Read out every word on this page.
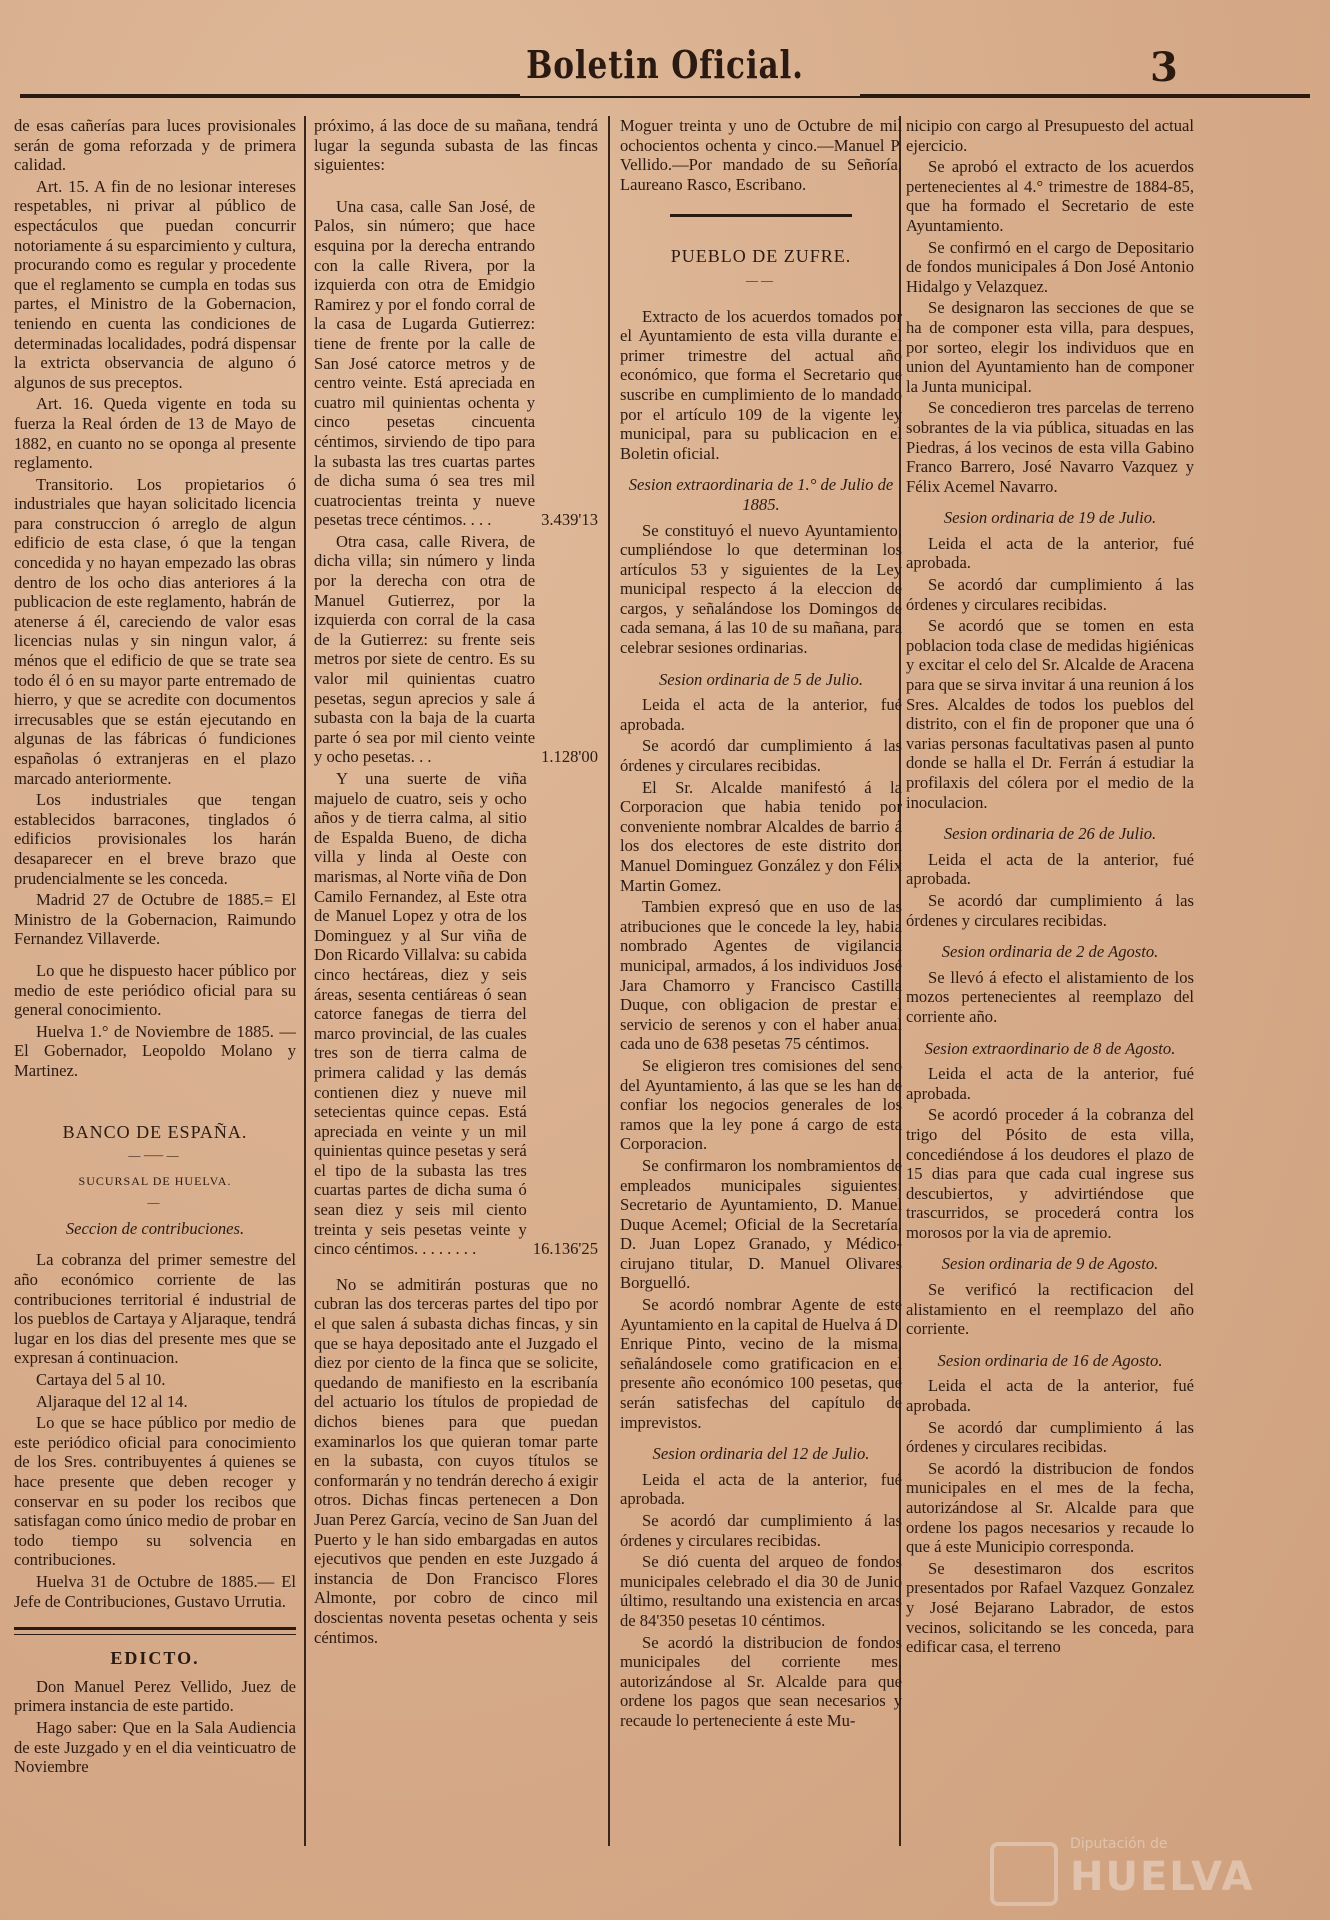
Boletin Oficial.	3

de esas cañerías para luces provisionales serán de goma reforzada y de primera calidad.

Art. 15. A fin de no lesionar intereses respetables, ni privar al público de espectáculos que puedan concurrir notoriamente á su esparcimiento y cultura, procurando como es regular y procedente que el reglamento se cumpla en todas sus partes, el Ministro de la Gobernacion, teniendo en cuenta las condiciones de determinadas localidades, podrá dispensar la extricta observancia de alguno ó algunos de sus preceptos.

Art. 16. Queda vigente en toda su fuerza la Real órden de 13 de Mayo de 1882, en cuanto no se oponga al presente reglamento.

Transitorio. Los propietarios ó industriales que hayan solicitado licencia para construccion ó arreglo de algun edificio de esta clase, ó que la tengan concedida y no hayan empezado las obras dentro de los ocho dias anteriores á la publicacion de este reglamento, habrán de atenerse á él, careciendo de valor esas licencias nulas y sin ningun valor, á ménos que el edificio de que se trate sea todo él ó en su mayor parte entremado de hierro, y que se acredite con documentos irrecusables que se están ejecutando en algunas de las fábricas ó fundiciones españolas ó extranjeras en el plazo marcado anteriormente.

Los industriales que tengan establecidos barracones, tinglados ó edificios provisionales los harán desaparecer en el breve brazo que prudencialmente se les conceda.

Madrid 27 de Octubre de 1885.= El Ministro de la Gobernacion, Raimundo Fernandez Villaverde.

Lo que he dispuesto hacer público por medio de este periódico oficial para su general conocimiento.

Huelva 1.° de Noviembre de 1885. —El Gobernador, Leopoldo Molano y Martinez.

BANCO DE ESPAÑA.

—⸺—

SUCURSAL DE HUELVA.

—

Seccion de contribuciones.

La cobranza del primer semestre del año económico corriente de las contribuciones territorial é industrial de los pueblos de Cartaya y Aljaraque, tendrá lugar en los dias del presente mes que se expresan á continuacion.

Cartaya del 5 al 10.

Aljaraque del 12 al 14.

Lo que se hace público por medio de este periódico oficial para conocimiento de los Sres. contribuyentes á quienes se hace presente que deben recoger y conservar en su poder los recibos que satisfagan como único medio de probar en todo tiempo su solvencia en contribuciones.

Huelva 31 de Octubre de 1885.— El Jefe de Contribuciones, Gustavo Urrutia.

EDICTO.

Don Manuel Perez Vellido, Juez de primera instancia de este partido.

Hago saber: Que en la Sala Audiencia de este Juzgado y en el dia veinticuatro de Noviembre

próximo, á las doce de su mañana, tendrá lugar la segunda subasta de las fincas siguientes:

Una casa, calle San José, de Palos, sin número; que hace esquina por la derecha entrando con la calle Rivera, por la izquierda con otra de Emidgio Ramirez y por el fondo corral de la casa de Lugarda Gutierrez: tiene de frente por la calle de San José catorce metros y de centro veinte. Está apreciada en cuatro mil quinientas ochenta y cinco pesetas cincuenta céntimos, sirviendo de tipo para la subasta las tres cuartas partes de dicha suma ó sea tres mil cuatrocientas treinta y nueve pesetas trece céntimos. . . .	3.439'13

Otra casa, calle Rivera, de dicha villa; sin número y linda por la derecha con otra de Manuel Gutierrez, por la izquierda con corral de la casa de la Gutierrez: su frente seis metros por siete de centro. Es su valor mil quinientas cuatro pesetas, segun aprecios y sale á subasta con la baja de la cuarta parte ó sea por mil ciento veinte y ocho pesetas. . .	1.128'00

Y una suerte de viña majuelo de cuatro, seis y ocho años y de tierra calma, al sitio de Espalda Bueno, de dicha villa y linda al Oeste con marismas, al Norte viña de Don Camilo Fernandez, al Este otra de Manuel Lopez y otra de los Dominguez y al Sur viña de Don Ricardo Villalva: su cabida cinco hectáreas, diez y seis áreas, sesenta centiáreas ó sean catorce fanegas de tierra del marco provincial, de las cuales tres son de tierra calma de primera calidad y las demás contienen diez y nueve mil setecientas quince cepas. Está apreciada en veinte y un mil quinientas quince pesetas y será el tipo de la subasta las tres cuartas partes de dicha suma ó sean diez y seis mil ciento treinta y seis pesetas veinte y cinco céntimos. . . . . . . .	16.136'25

No se admitirán posturas que no cubran las dos terceras partes del tipo por el que salen á subasta dichas fincas, y sin que se haya depositado ante el Juzgado el diez por ciento de la finca que se solicite, quedando de manifiesto en la escribanía del actuario los títulos de propiedad de dichos bienes para que puedan examinarlos los que quieran tomar parte en la subasta, con cuyos títulos se conformarán y no tendrán derecho á exigir otros. Dichas fincas pertenecen a Don Juan Perez García, vecino de San Juan del Puerto y le han sido embargadas en autos ejecutivos que penden en este Juzgado á instancia de Don Francisco Flores Almonte, por cobro de cinco mil doscientas noventa pesetas ochenta y seis céntimos.

Moguer treinta y uno de Octubre de mil ochocientos ochenta y cinco.—Manuel P. Vellido.—Por mandado de su Señoría, Laureano Rasco, Escribano.

PUEBLO DE ZUFRE.

——

Extracto de los acuerdos tomados por el Ayuntamiento de esta villa durante el primer trimestre del actual año económico, que forma el Secretario que suscribe en cumplimiento de lo mandado por el artículo 109 de la vigente ley municipal, para su publicacion en el Boletin oficial.

Sesion extraordinaria de 1.° de Julio de 1885.

Se constituyó el nuevo Ayuntamiento, cumpliéndose lo que determinan los artículos 53 y siguientes de la Ley municipal respecto á la eleccion de cargos, y señalándose los Domingos de cada semana, á las 10 de su mañana, para celebrar sesiones ordinarias.

Sesion ordinaria de 5 de Julio.

Leida el acta de la anterior, fué aprobada.

Se acordó dar cumplimiento á las órdenes y circulares recibidas.

El Sr. Alcalde manifestó á la Corporacion que habia tenido por conveniente nombrar Alcaldes de barrio á los dos electores de este distrito don Manuel Dominguez González y don Félix Martin Gomez.

Tambien expresó que en uso de las atribuciones que le concede la ley, habia nombrado Agentes de vigilancia municipal, armados, á los individuos José Jara Chamorro y Francisco Castilla Duque, con obligacion de prestar el servicio de serenos y con el haber anual cada uno de 638 pesetas 75 céntimos.

Se eligieron tres comisiones del seno del Ayuntamiento, á las que se les han de confiar los negocios generales de los ramos que la ley pone á cargo de esta Corporacion.

Se confirmaron los nombramientos de empleados municipales siguientes: Secretario de Ayuntamiento, D. Manuel Duque Acemel; Oficial de la Secretaría, D. Juan Lopez Granado, y Médico-cirujano titular, D. Manuel Olivares Borguelló.

Se acordó nombrar Agente de este Ayuntamiento en la capital de Huelva á D. Enrique Pinto, vecino de la misma, señalándosele como gratificacion en el presente año económico 100 pesetas, que serán satisfechas del capítulo de imprevistos.

Sesion ordinaria del 12 de Julio.

Leida el acta de la anterior, fué aprobada.

Se acordó dar cumplimiento á las órdenes y circulares recibidas.

Se dió cuenta del arqueo de fondos municipales celebrado el dia 30 de Junio último, resultando una existencia en arcas de 84'350 pesetas 10 céntimos.

Se acordó la distribucion de fondos municipales del corriente mes, autorizándose al Sr. Alcalde para que ordene los pagos que sean necesarios y recaude lo perteneciente á este Mu-

nicipio con cargo al Presupuesto del actual ejercicio.

Se aprobó el extracto de los acuerdos pertenecientes al 4.° trimestre de 1884-85, que ha formado el Secretario de este Ayuntamiento.

Se confirmó en el cargo de Depositario de fondos municipales á Don José Antonio Hidalgo y Velazquez.

Se designaron las secciones de que se ha de componer esta villa, para despues, por sorteo, elegir los individuos que en union del Ayuntamiento han de componer la Junta municipal.

Se concedieron tres parcelas de terreno sobrantes de la via pública, situadas en las Piedras, á los vecinos de esta villa Gabino Franco Barrero, José Navarro Vazquez y Félix Acemel Navarro.

Sesion ordinaria de 19 de Julio.

Leida el acta de la anterior, fué aprobada.

Se acordó dar cumplimiento á las órdenes y circulares recibidas.

Se acordó que se tomen en esta poblacion toda clase de medidas higiénicas y excitar el celo del Sr. Alcalde de Aracena para que se sirva invitar á una reunion á los Sres. Alcaldes de todos los pueblos del distrito, con el fin de proponer que una ó varias personas facultativas pasen al punto donde se halla el Dr. Ferrán á estudiar la profilaxis del cólera por el medio de la inoculacion.

Sesion ordinaria de 26 de Julio.

Leida el acta de la anterior, fué aprobada.

Se acordó dar cumplimiento á las órdenes y circulares recibidas.

Sesion ordinaria de 2 de Agosto.

Se llevó á efecto el alistamiento de los mozos pertenecientes al reemplazo del corriente año.

Sesion extraordinario de 8 de Agosto.

Leida el acta de la anterior, fué aprobada.

Se acordó proceder á la cobranza del trigo del Pósito de esta villa, concediéndose á los deudores el plazo de 15 dias para que cada cual ingrese sus descubiertos, y advirtiéndose que trascurridos, se procederá contra los morosos por la via de apremio.

Sesion ordinaria de 9 de Agosto.

Se verificó la rectificacion del alistamiento en el reemplazo del año corriente.

Sesion ordinaria de 16 de Agosto.

Leida el acta de la anterior, fué aprobada.

Se acordó dar cumplimiento á las órdenes y circulares recibidas.

Se acordó la distribucion de fondos municipales en el mes de la fecha, autorizándose al Sr. Alcalde para que ordene los pagos necesarios y recaude lo que á este Municipio corresponda.

Se desestimaron dos escritos presentados por Rafael Vazquez Gonzalez y José Bejarano Labrador, de estos vecinos, solicitando se les conceda, para edificar casa, el terreno

Diputación de
HUELVA
